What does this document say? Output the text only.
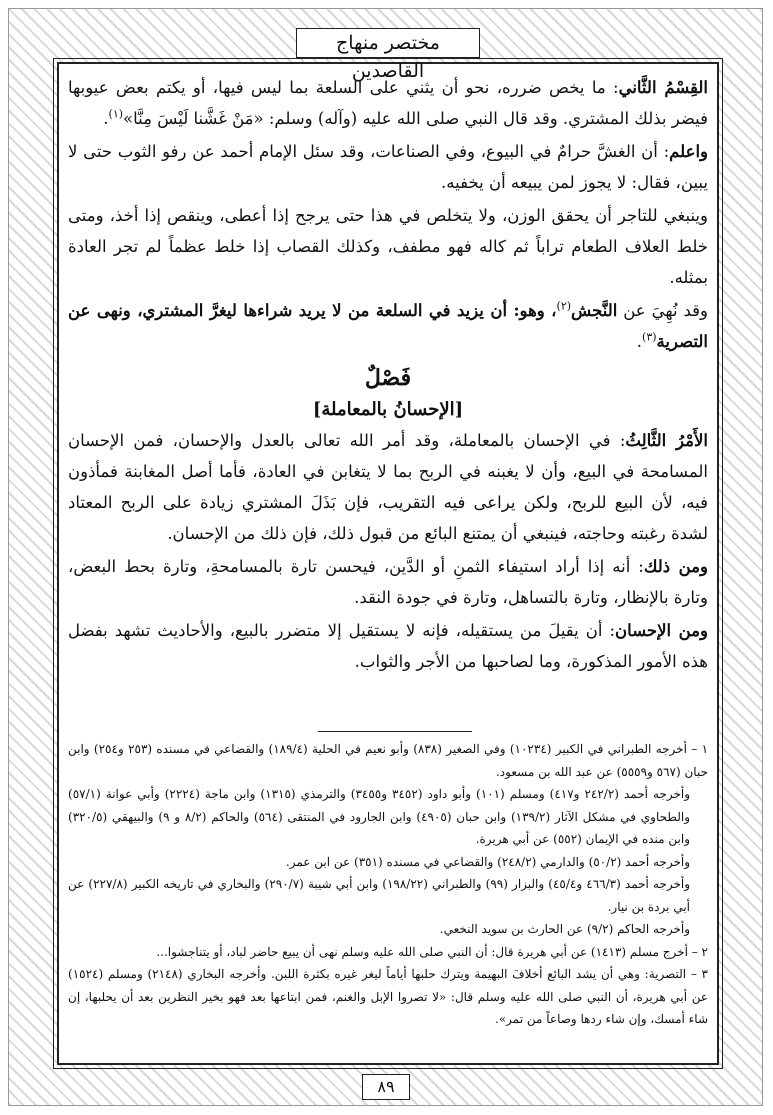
مختصر منهاج القاصدين

القِسْمُ الثَّاني: ما يخص ضرره، نحو أن يثني على السلعة بما ليس فيها، أو يكتم بعض عيوبها فيضر بذلك المشتري. وقد قال النبي صلى الله عليه (وآله) وسلم: «مَنْ غَشَّنا لَيْسَ مِنَّا»$^{(١)}$.

واعلم: أن الغشَّ حرامٌ في البيوع، وفي الصناعات، وقد سئل الإمام أحمد عن رفو الثوب حتى لا يبين، فقال: لا يجوز لمن يبيعه أن يخفيه.

وينبغي للتاجر أن يحقق الوزن، ولا يتخلص في هذا حتى يرجح إذا أعطى، وينقص إذا أخذ، ومتى خلط العلاف الطعام تراباً ثم كاله فهو مطفف، وكذلك القصاب إذا خلط عظماً لم تجر العادة بمثله.

وقد نُهِيَ عن النَّجش$^{(٢)}$، وهو: أن يزيد في السلعة من لا يريد شراءها ليغرَّ المشتري، ونهى عن التصرية$^{(٣)}$.

فَصْلٌ
[الإحسانُ بالمعاملة]

الأَمْرُ الثَّالِثُ: في الإحسان بالمعاملة، وقد أمر الله تعالى بالعدل والإحسان، فمن الإحسان المسامحة في البيع، وأن لا يغبنه في الربح بما لا يتغابن في العادة، فأما أصل المغابنة فمأذون فيه، لأن البيع للربح، ولكن يراعى فيه التقريب، فإن بَذَلَ المشتري زيادة على الربح المعتاد لشدة رغبته وحاجته، فينبغي أن يمتنع البائع من قبول ذلك، فإن ذلك من الإحسان.

ومن ذلك: أنه إذا أراد استيفاء الثمنِ أو الدَّين، فيحسن تارة بالمسامحةِ، وتارة بحط البعض، وتارة بالإنظار، وتارة بالتساهل، وتارة في جودة النقد.

ومن الإحسان: أن يقيلَ من يستقيله، فإنه لا يستقيل إلا متضرر بالبيع، والأحاديث تشهد بفضل هذه الأمور المذكورة، وما لصاحبها من الأجر والثواب.

١ – أخرجه الطبراني في الكبير (١٠٢٣٤) وفي الصغير (٨٣٨) وأبو نعيم في الحلية (١٨٩/٤) والقضاعي في مسنده (٢٥٣ و٢٥٤) وابن حبان (٥٦٧ و٥٥٥٩) عن عبد الله بن مسعود.

وأخرجه أحمد (٢٤٢/٢ و٤١٧) ومسلم (١٠١) وأبو داود (٣٤٥٢ و٣٤٥٥) والترمذي (١٣١٥) وابن ماجة (٢٢٢٤) وأبي عوانة (٥٧/١) والطحاوي في مشكل الآثار (١٣٩/٢) وابن حبان (٤٩٠٥) وابن الجارود في المنتقى (٥٦٤) والحاكم (٨/٢ و ٩) والبيهقي (٣٢٠/٥) وابن منده في الإيمان (٥٥٢) عن أبي هريرة.

وأخرجه أحمد (٥٠/٢) والدارمي (٢٤٨/٢) والقضاعي في مسنده (٣٥١) عن ابن عمر.

وأخرجه أحمد (٤٦٦/٣ و٤٥/٤) والبزار (٩٩) والطبراني (١٩٨/٢٢) وابن أبي شيبة (٢٩٠/٧) والبخاري في تاريخه الكبير (٢٢٧/٨) عن أبي بردة بن نيار.

وأخرجه الحاكم (٩/٢) عن الحارث بن سويد النخعي.

٢ – أخرج مسلم (١٤١٣) عن أبي هريرة قال: أن النبي صلى الله عليه وسلم نهى أن يبيع حاضر لباد، أو يتناجشوا...

٣ – التصرية: وهي أن يشد البائع أخلافَ البهيمة ويترك حلبها أياماً ليغر غيره بكثرة اللبن. وأخرجه البخاري (٢١٤٨) ومسلم (١٥٢٤) عن أبي هريرة، أن النبي صلى الله عليه وسلم قال: «لا تصروا الإبل والغنم، فمن ابتاعها بعد فهو بخير النظرين بعد أن يحلبها، إن شاء أمسك، وإن شاء ردها وصاعاً من تمر».

٨٩
